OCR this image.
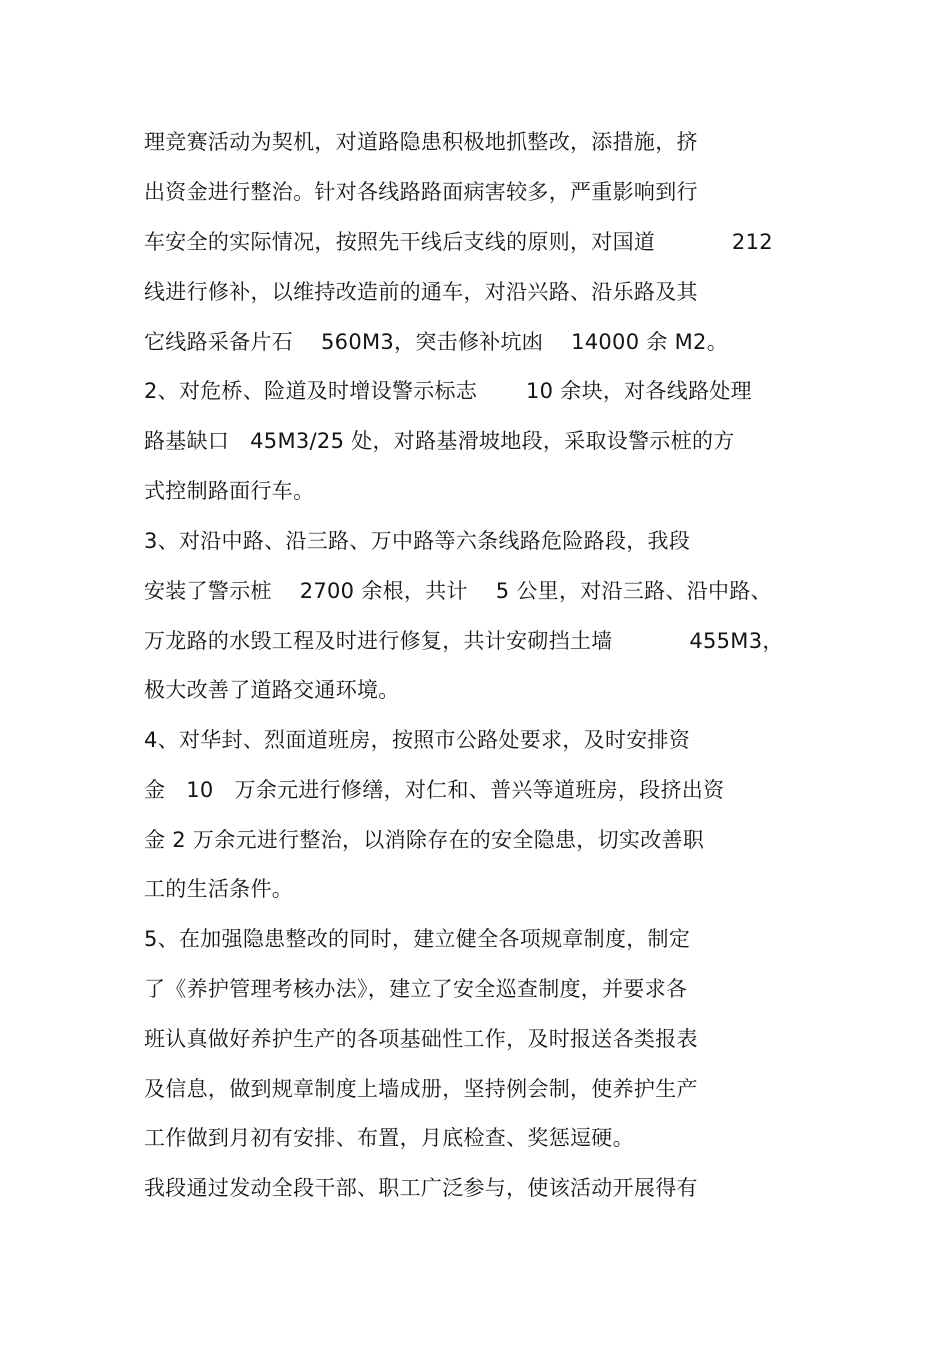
理竞赛活动为契机，对道路隐患积极地抓整改，添措施，挤
出资金进行整治。针对各线路路面病害较多，严重影响到行
车安全的实际情况，按照先干线后支线的原则，对国道           212
线进行修补，以维持改造前的通车，对沿兴路、沿乐路及其
它线路采备片石    560M3，突击修补坑凼    14000 余 M2。
2、对危桥、险道及时增设警示标志       10 余块，对各线路处理
路基缺口   45M3/25 处，对路基滑坡地段，采取设警示桩的方
式控制路面行车。
3、对沿中路、沿三路、万中路等六条线路危险路段，我段
安装了警示桩    2700 余根，共计    5 公里，对沿三路、沿中路、
万龙路的水毁工程及时进行修复，共计安砌挡土墙           455M3，
极大改善了道路交通环境。
4、对华封、烈面道班房，按照市公路处要求，及时安排资
金   10   万余元进行修缮，对仁和、普兴等道班房，段挤出资
金 2 万余元进行整治，以消除存在的安全隐患，切实改善职
工的生活条件。
5、在加强隐患整改的同时，建立健全各项规章制度，制定
了《养护管理考核办法》，建立了安全巡查制度，并要求各
班认真做好养护生产的各项基础性工作，及时报送各类报表
及信息，做到规章制度上墙成册，坚持例会制，使养护生产
工作做到月初有安排、布置，月底检查、奖惩逗硬。
我段通过发动全段干部、职工广泛参与，使该活动开展得有
